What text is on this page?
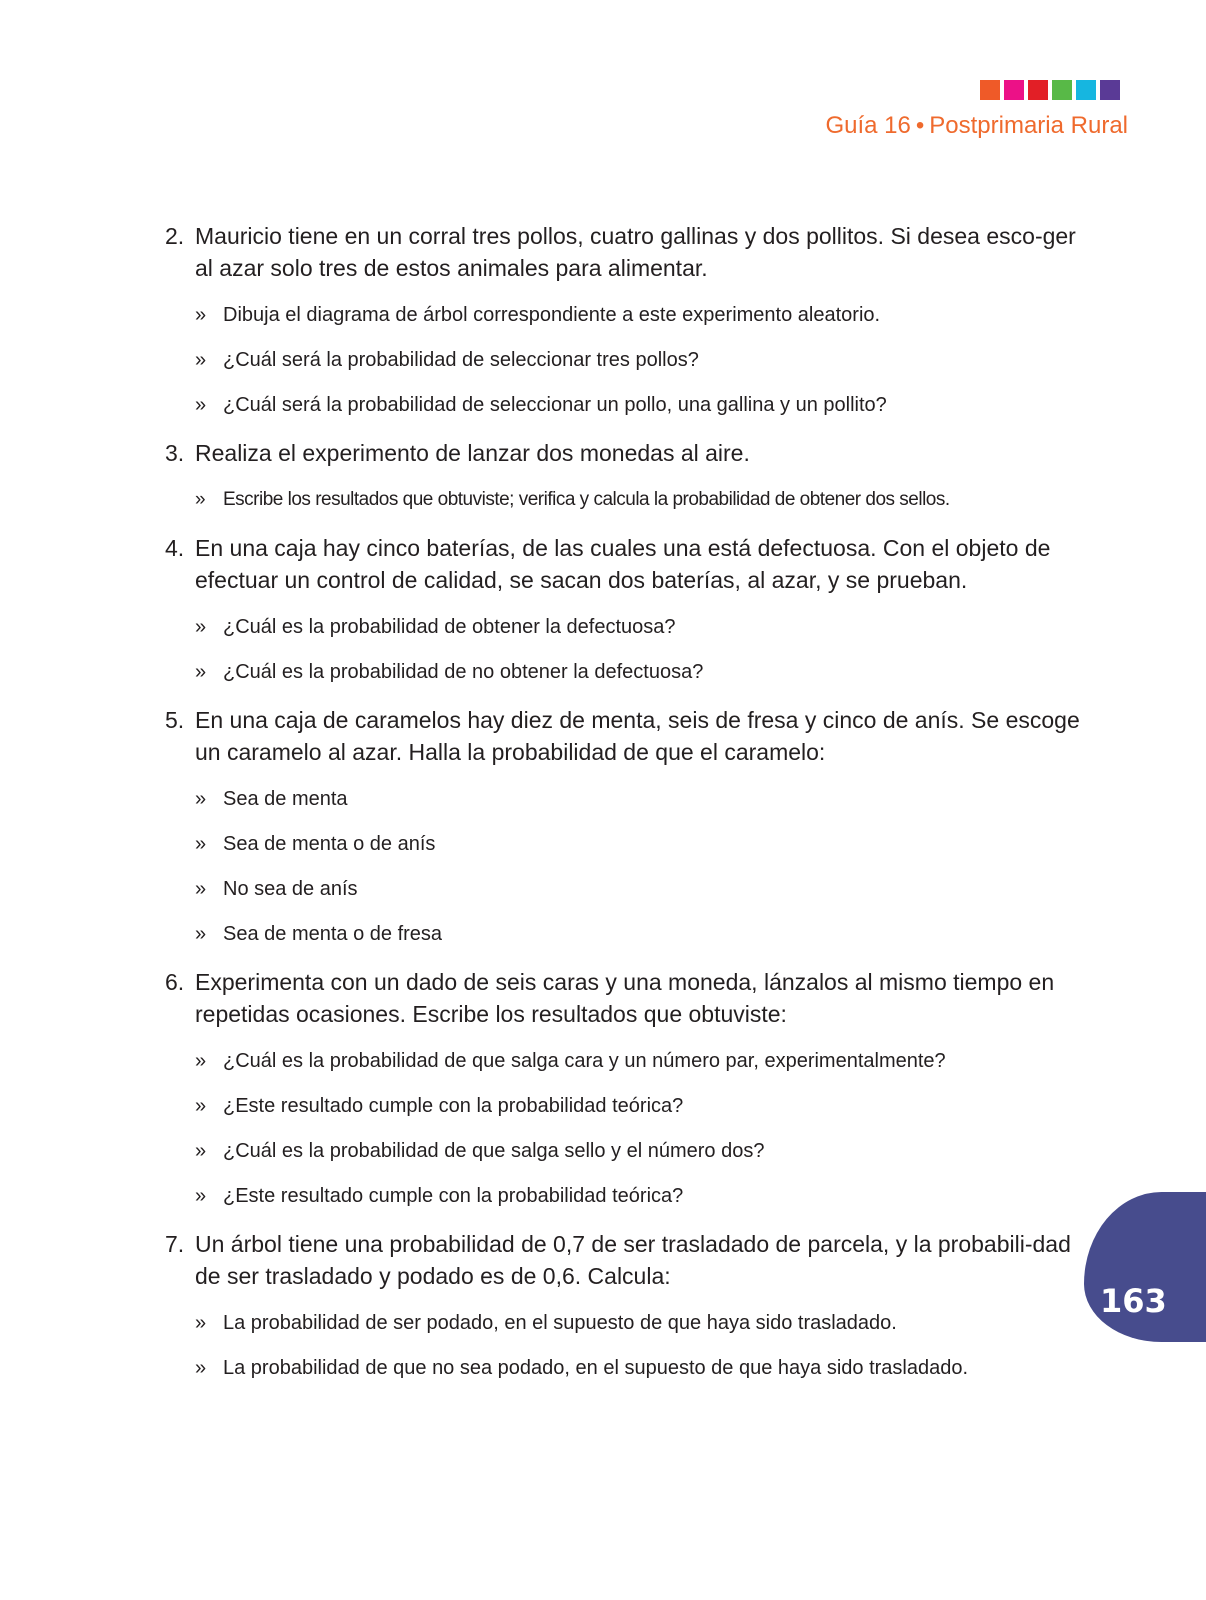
Guía 16 • Postprimaria Rural
163
2. Mauricio tiene en un corral tres pollos, cuatro gallinas y dos pollitos. Si desea esco-ger al azar solo tres de estos animales para alimentar.

» Dibuja el diagrama de árbol correspondiente a este experimento aleatorio.
» ¿Cuál será la probabilidad de seleccionar tres pollos?
» ¿Cuál será la probabilidad de seleccionar un pollo, una gallina y un pollito?
3. Realiza el experimento de lanzar dos monedas al aire.

» Escribe los resultados que obtuviste; verifica y calcula la probabilidad de obtener dos sellos.
4. En una caja hay cinco baterías, de las cuales una está defectuosa. Con el objeto de efectuar un control de calidad, se sacan dos baterías, al azar, y se prueban.

» ¿Cuál es la probabilidad de obtener la defectuosa?
» ¿Cuál es la probabilidad de no obtener la defectuosa?
5. En una caja de caramelos hay diez de menta, seis de fresa y cinco de anís. Se escoge un caramelo al azar. Halla la probabilidad de que el caramelo:

» Sea de menta
» Sea de menta o de anís
» No sea de anís
» Sea de menta o de fresa
6. Experimenta con un dado de seis caras y una moneda, lánzalos al mismo tiempo en repetidas ocasiones. Escribe los resultados que obtuviste:

» ¿Cuál es la probabilidad de que salga cara y un número par, experimentalmente?
» ¿Este resultado cumple con la probabilidad teórica?
» ¿Cuál es la probabilidad de que salga sello y el número dos?
» ¿Este resultado cumple con la probabilidad teórica?
7. Un árbol tiene una probabilidad de 0,7 de ser trasladado de parcela, y la probabili-dad de ser trasladado y podado es de 0,6. Calcula:

» La probabilidad de ser podado, en el supuesto de que haya sido trasladado.
» La probabilidad de que no sea podado, en el supuesto de que haya sido trasladado.
